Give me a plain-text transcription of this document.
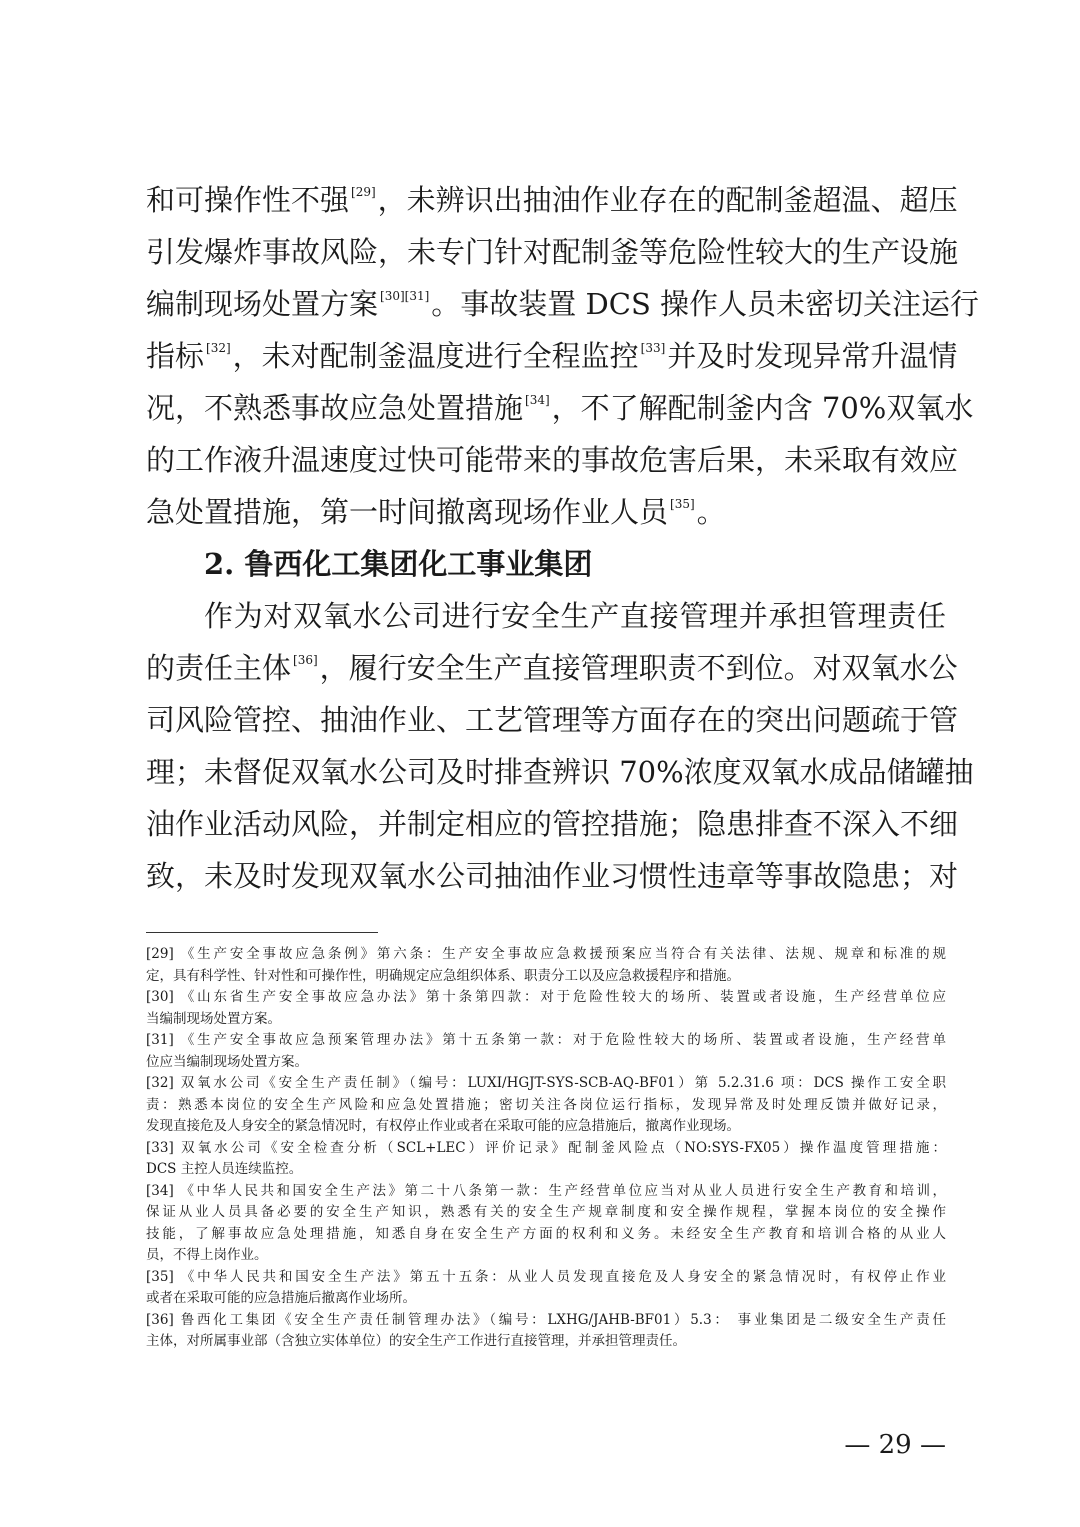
和可操作性不强 [29]，未辨识出抽油作业存在的配制釜超温、超压
引发爆炸事故风险，未专门针对配制釜等危险性较大的生产设施
编制现场处置方案 [30][31]。事故装置 DCS 操作人员未密切关注运行
指标 [32]，未对配制釜温度进行全程监控 [33]并及时发现异常升温情
况，不熟悉事故应急处置措施 [34]，不了解配制釜内含 70%双氧水
的工作液升温速度过快可能带来的事故危害后果，未采取有效应
急处置措施，第一时间撤离现场作业人员 [35]。
2. 鲁西化工集团化工事业集团
作为对双氧水公司进行安全生产直接管理并承担管理责任
的责任主体 [36]，履行安全生产直接管理职责不到位。对双氧水公
司风险管控、抽油作业、工艺管理等方面存在的突出问题疏于管
理；未督促双氧水公司及时排查辨识 70%浓度双氧水成品储罐抽
油作业活动风险，并制定相应的管控措施；隐患排查不深入不细
致，未及时发现双氧水公司抽油作业习惯性违章等事故隐患；对
[29] 《生产安全事故应急条例》第六条：生产安全事故应急救援预案应当符合有关法律、法规、规章和标准的规
定，具有科学性、针对性和可操作性，明确规定应急组织体系、职责分工以及应急救援程序和措施。
[30] 《山东省生产安全事故应急办法》第十条第四款：对于危险性较大的场所、装置或者设施，生产经营单位应
当编制现场处置方案。
[31] 《生产安全事故应急预案管理办法》第十五条第一款：对于危险性较大的场所、装置或者设施，生产经营单
位应当编制现场处置方案。
[32] 双氧水公司《安全生产责任制》（编号：LUXI/HGJT-SYS-SCB-AQ-BF01）第 5.2.31.6 项：DCS 操作工安全职
责：熟悉本岗位的安全生产风险和应急处置措施；密切关注各岗位运行指标，发现异常及时处理反馈并做好记录，
发现直接危及人身安全的紧急情况时，有权停止作业或者在采取可能的应急措施后，撤离作业现场。
[33] 双氧水公司《安全检查分析（SCL+LEC）评价记录》配制釜风险点（NO:SYS-FX05）操作温度管理措施：
DCS 主控人员连续监控。
[34] 《中华人民共和国安全生产法》第二十八条第一款：生产经营单位应当对从业人员进行安全生产教育和培训，
保证从业人员具备必要的安全生产知识，熟悉有关的安全生产规章制度和安全操作规程，掌握本岗位的安全操作
技能，了解事故应急处理措施，知悉自身在安全生产方面的权利和义务。未经安全生产教育和培训合格的从业人
员，不得上岗作业。
[35] 《中华人民共和国安全生产法》第五十五条：从业人员发现直接危及人身安全的紧急情况时，有权停止作业
或者在采取可能的应急措施后撤离作业场所。
[36] 鲁西化工集团《安全生产责任制管理办法》（编号：LXHG/JAHB-BF01）5.3： 事业集团是二级安全生产责任
主体，对所属事业部（含独立实体单位）的安全生产工作进行直接管理，并承担管理责任。
— 29 —
